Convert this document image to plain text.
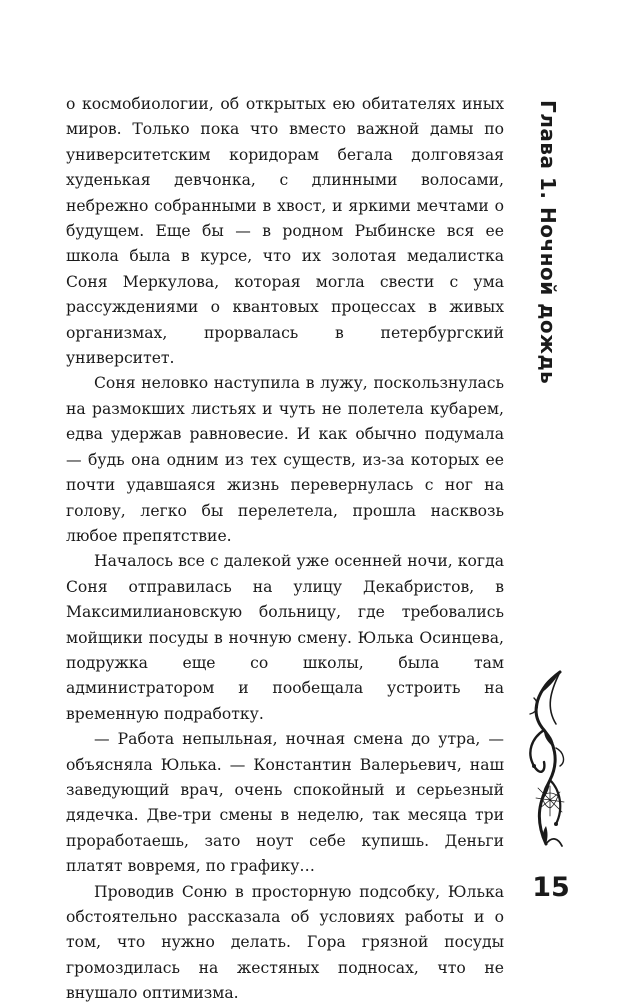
о космобиологии, об открытых ею обитателях иных миров. Только пока что вместо важной дамы по университетским коридорам бегала долговязая худенькая девчонка, с длинными волосами, небрежно собранными в хвост, и яркими мечтами о будущем. Еще бы — в родном Рыбинске вся ее школа была в курсе, что их золотая медалистка Соня Меркулова, которая могла свести с ума рассуждениями о квантовых процессах в живых организмах, прорвалась в петербургский университет.

Соня неловко наступила в лужу, поскользнулась на размокших листьях и чуть не полетела кубарем, едва удержав равновесие. И как обычно подумала — будь она одним из тех существ, из-за которых ее почти удавшаяся жизнь перевернулась с ног на голову, легко бы перелетела, прошла насквозь любое препятствие.

Началось все с далекой уже осенней ночи, когда Соня отправилась на улицу Декабристов, в Максимилиановскую больницу, где требовались мойщики посуды в ночную смену. Юлька Осинцева, подружка еще со школы, была там администратором и пообещала устроить на временную подработку.

— Работа непыльная, ночная смена до утра, — объясняла Юлька. — Константин Валерьевич, наш заведующий врач, очень спокойный и серьезный дядечка. Две-три смены в неделю, так месяца три проработаешь, зато ноут себе купишь. Деньги платят вовремя, по графику…

Проводив Соню в просторную подсобку, Юлька обстоятельно рассказала об условиях работы и о том, что нужно делать. Гора грязной посуды громоздилась на жестяных подносах, что не внушало оптимизма.

Глава 1. Ночной дождь
15
